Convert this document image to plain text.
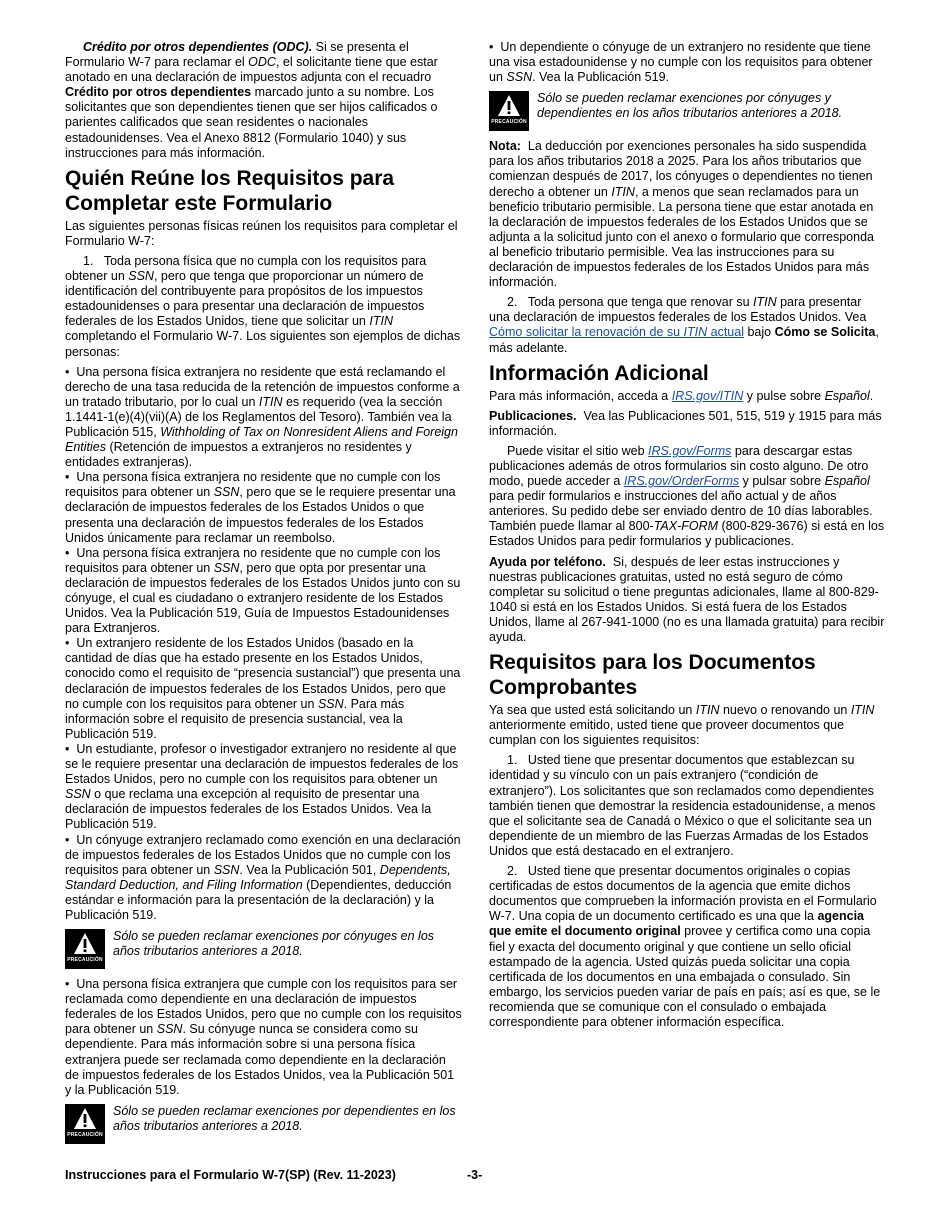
Crédito por otros dependientes (ODC). Si se presenta el Formulario W-7 para reclamar el ODC, el solicitante tiene que estar anotado en una declaración de impuestos adjunta con el recuadro Crédito por otros dependientes marcado junto a su nombre. Los solicitantes que son dependientes tienen que ser hijos calificados o parientes calificados que sean residentes o nacionales estadounidenses. Vea el Anexo 8812 (Formulario 1040) y sus instrucciones para más información.

Quién Reúne los Requisitos para Completar este Formulario

Las siguientes personas físicas reúnen los requisitos para completar el Formulario W-7:

1.   Toda persona física que no cumpla con los requisitos para obtener un SSN, pero que tenga que proporcionar un número de identificación del contribuyente para propósitos de los impuestos estadounidenses o para presentar una declaración de impuestos federales de los Estados Unidos, tiene que solicitar un ITIN completando el Formulario W-7. Los siguientes son ejemplos de dichas personas:

•  Una persona física extranjera no residente que está reclamando el derecho de una tasa reducida de la retención de impuestos conforme a un tratado tributario, por lo cual un ITIN es requerido (vea la sección 1.1441-1(e)(4)(vii)(A) de los Reglamentos del Tesoro). También vea la Publicación 515, Withholding of Tax on Nonresident Aliens and Foreign Entities (Retención de impuestos a extranjeros no residentes y entidades extranjeras).

•  Una persona física extranjera no residente que no cumple con los requisitos para obtener un SSN, pero que se le requiere presentar una declaración de impuestos federales de los Estados Unidos o que presenta una declaración de impuestos federales de los Estados Unidos únicamente para reclamar un reembolso.

•  Una persona física extranjera no residente que no cumple con los requisitos para obtener un SSN, pero que opta por presentar una declaración de impuestos federales de los Estados Unidos junto con su cónyuge, el cual es ciudadano o extranjero residente de los Estados Unidos. Vea la Publicación 519, Guía de Impuestos Estadounidenses para Extranjeros.

•  Un extranjero residente de los Estados Unidos (basado en la cantidad de días que ha estado presente en los Estados Unidos, conocido como el requisito de “presencia sustancial”) que presenta una declaración de impuestos federales de los Estados Unidos, pero que no cumple con los requisitos para obtener un SSN. Para más información sobre el requisito de presencia sustancial, vea la Publicación 519.

•  Un estudiante, profesor o investigador extranjero no residente al que se le requiere presentar una declaración de impuestos federales de los Estados Unidos, pero no cumple con los requisitos para obtener un SSN o que reclama una excepción al requisito de presentar una declaración de impuestos federales de los Estados Unidos. Vea la Publicación 519.

•  Un cónyuge extranjero reclamado como exención en una declaración de impuestos federales de los Estados Unidos que no cumple con los requisitos para obtener un SSN. Vea la Publicación 501, Dependents, Standard Deduction, and Filing Information (Dependientes, deducción estándar e información para la presentación de la declaración) y la Publicación 519.

PRECAUCIÓN
Sólo se pueden reclamar exenciones por cónyuges en los años tributarios anteriores a 2018.

•  Una persona física extranjera que cumple con los requisitos para ser reclamada como dependiente en una declaración de impuestos federales de los Estados Unidos, pero que no cumple con los requisitos para obtener un SSN. Su cónyuge nunca se considera como su dependiente. Para más información sobre si una persona física extranjera puede ser reclamada como dependiente en la declaración de impuestos federales de los Estados Unidos, vea la Publicación 501 y la Publicación 519.

PRECAUCIÓN
Sólo se pueden reclamar exenciones por dependientes en los años tributarios anteriores a 2018.

•  Un dependiente o cónyuge de un extranjero no residente que tiene una visa estadounidense y no cumple con los requisitos para obtener un SSN. Vea la Publicación 519.

PRECAUCIÓN
Sólo se pueden reclamar exenciones por cónyuges y dependientes en los años tributarios anteriores a 2018.

Nota:  La deducción por exenciones personales ha sido suspendida para los años tributarios 2018 a 2025. Para los años tributarios que comienzan después de 2017, los cónyuges o dependientes no tienen derecho a obtener un ITIN, a menos que sean reclamados para un beneficio tributario permisible. La persona tiene que estar anotada en la declaración de impuestos federales de los Estados Unidos que se adjunta a la solicitud junto con el anexo o formulario que corresponda al beneficio tributario permisible. Vea las instrucciones para su declaración de impuestos federales de los Estados Unidos para más información.

2.   Toda persona que tenga que renovar su ITIN para presentar una declaración de impuestos federales de los Estados Unidos. Vea Cómo solicitar la renovación de su ITIN actual bajo Cómo se Solicita, más adelante.

Información Adicional

Para más información, acceda a IRS.gov/ITIN y pulse sobre Español.

Publicaciones.  Vea las Publicaciones 501, 515, 519 y 1915 para más información.

Puede visitar el sitio web IRS.gov/Forms para descargar estas publicaciones además de otros formularios sin costo alguno. De otro modo, puede acceder a IRS.gov/OrderForms y pulsar sobre Español para pedir formularios e instrucciones del año actual y de años anteriores. Su pedido debe ser enviado dentro de 10 días laborables. También puede llamar al 800-TAX-FORM (800-829-3676) si está en los Estados Unidos para pedir formularios y publicaciones.

Ayuda por teléfono.  Si, después de leer estas instrucciones y nuestras publicaciones gratuitas, usted no está seguro de cómo completar su solicitud o tiene preguntas adicionales, llame al 800-829-1040 si está en los Estados Unidos. Si está fuera de los Estados Unidos, llame al 267-941-1000 (no es una llamada gratuita) para recibir ayuda.

Requisitos para los Documentos Comprobantes

Ya sea que usted está solicitando un ITIN nuevo o renovando un ITIN anteriormente emitido, usted tiene que proveer documentos que cumplan con los siguientes requisitos:

1.   Usted tiene que presentar documentos que establezcan su identidad y su vínculo con un país extranjero (“condición de extranjero”). Los solicitantes que son reclamados como dependientes también tienen que demostrar la residencia estadounidense, a menos que el solicitante sea de Canadá o México o que el solicitante sea un dependiente de un miembro de las Fuerzas Armadas de los Estados Unidos que está destacado en el extranjero.

2.   Usted tiene que presentar documentos originales o copias certificadas de estos documentos de la agencia que emite dichos documentos que comprueben la información provista en el Formulario W-7. Una copia de un documento certificado es una que la agencia que emite el documento original provee y certifica como una copia fiel y exacta del documento original y que contiene un sello oficial estampado de la agencia. Usted quizás pueda solicitar una copia certificada de los documentos en una embajada o consulado. Sin embargo, los servicios pueden variar de país en país; así es que, se le recomienda que se comunique con el consulado o embajada correspondiente para obtener información específica.

Instrucciones para el Formulario W-7(SP) (Rev. 11-2023)	-3-
